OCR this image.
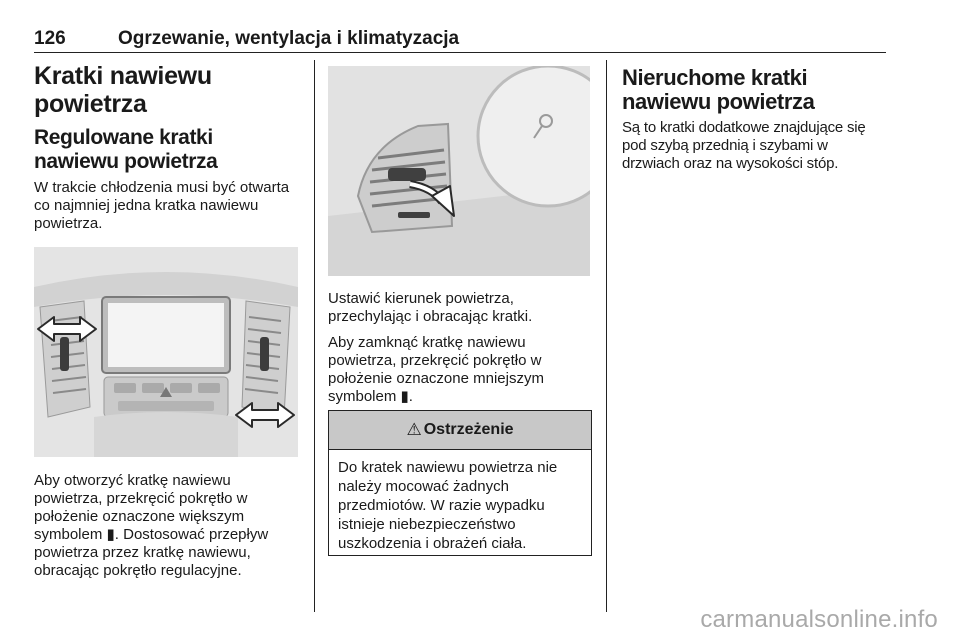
126	Ogrzewanie, wentylacja i klimatyzacja
Kratki nawiewu powietrza
Regulowane kratki nawiewu powietrza

W trakcie chłodzenia musi być otwarta co najmniej jedna kratka nawiewu powietrza.

Aby otworzyć kratkę nawiewu powietrza, przekręcić pokrętło w położenie oznaczone większym symbolem ▮. Dostosować przepływ powietrza przez kratkę nawiewu, obracając pokrętło regulacyjne.

Ustawić kierunek powietrza, przechylając i obracając kratki.

Aby zamknąć kratkę nawiewu powietrza, przekręcić pokrętło w położenie oznaczone mniejszym symbolem ▮.

⚠ Ostrzeżenie
Do kratek nawiewu powietrza nie należy mocować żadnych przedmiotów. W razie wypadku istnieje niebezpieczeństwo uszkodzenia i obrażeń ciała.
Nieruchome kratki nawiewu powietrza

Są to kratki dodatkowe znajdujące się pod szybą przednią i szybami w drzwiach oraz na wysokości stóp.

carmanualsonline.info
